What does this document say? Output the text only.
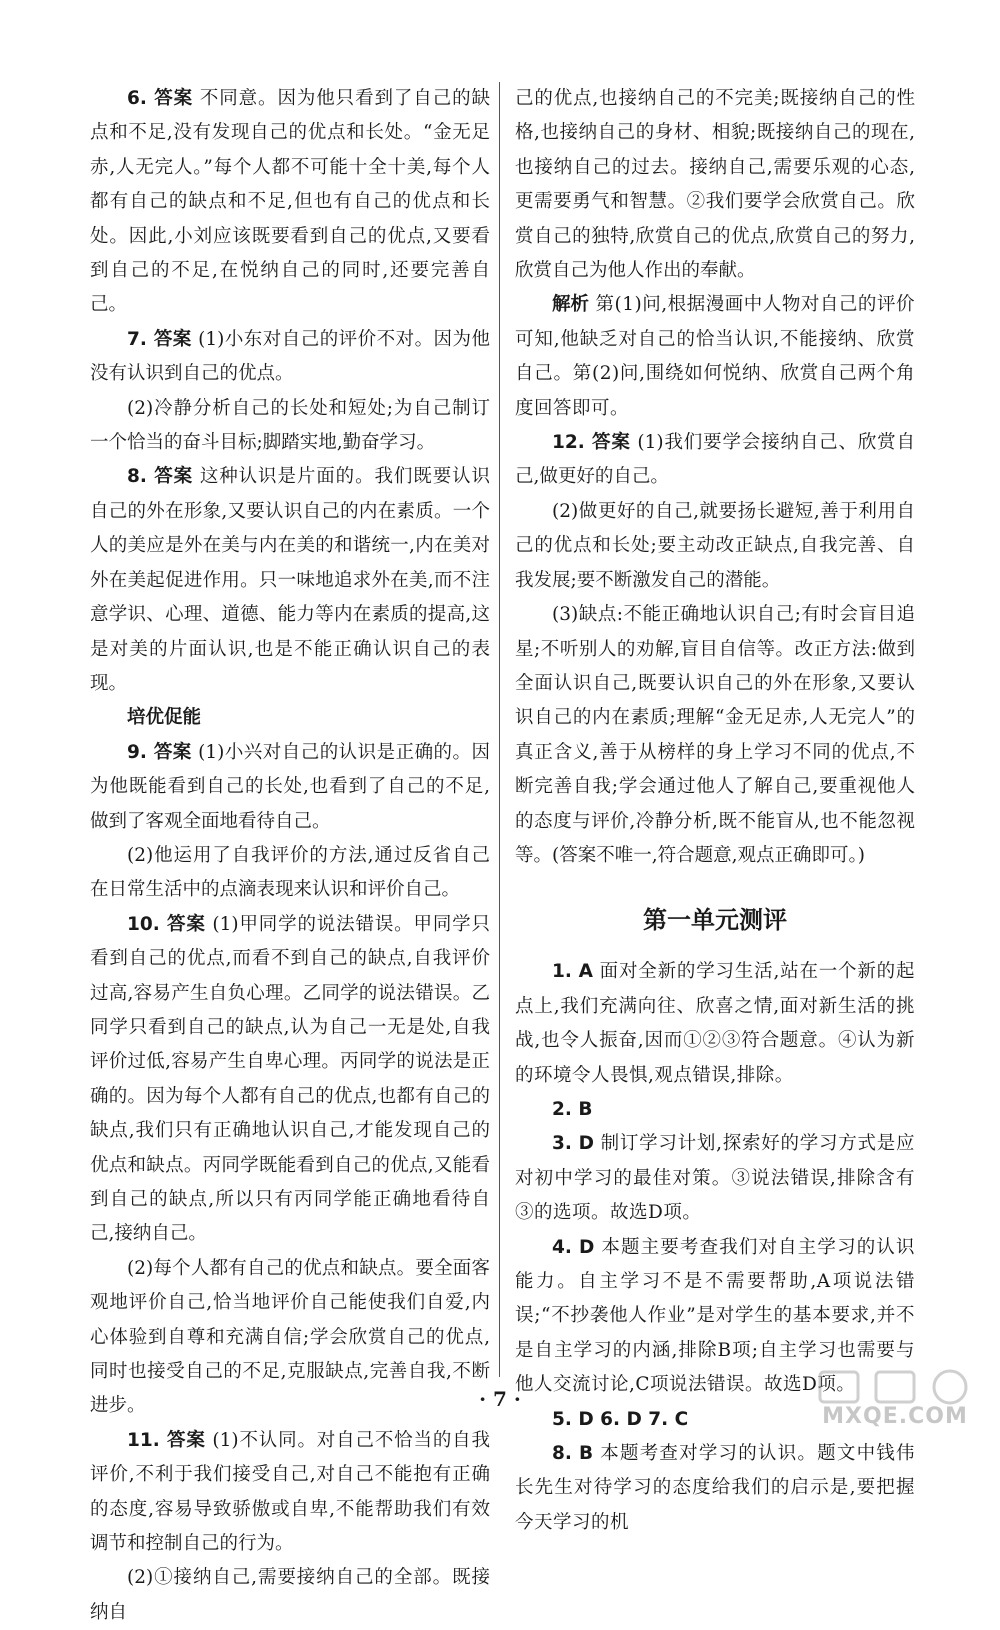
6. 答案 不同意。因为他只看到了自己的缺点和不足,没有发现自己的优点和长处。“金无足赤,人无完人。”每个人都不可能十全十美,每个人都有自己的缺点和不足,但也有自己的优点和长处。因此,小刘应该既要看到自己的优点,又要看到自己的不足,在悦纳自己的同时,还要完善自己。

7. 答案 (1)小东对自己的评价不对。因为他没有认识到自己的优点。

(2)冷静分析自己的长处和短处;为自己制订一个恰当的奋斗目标;脚踏实地,勤奋学习。

8. 答案 这种认识是片面的。我们既要认识自己的外在形象,又要认识自己的内在素质。一个人的美应是外在美与内在美的和谐统一,内在美对外在美起促进作用。只一味地追求外在美,而不注意学识、心理、道德、能力等内在素质的提高,这是对美的片面认识,也是不能正确认识自己的表现。

培优促能

9. 答案 (1)小兴对自己的认识是正确的。因为他既能看到自己的长处,也看到了自己的不足,做到了客观全面地看待自己。

(2)他运用了自我评价的方法,通过反省自己在日常生活中的点滴表现来认识和评价自己。

10. 答案 (1)甲同学的说法错误。甲同学只看到自己的优点,而看不到自己的缺点,自我评价过高,容易产生自负心理。乙同学的说法错误。乙同学只看到自己的缺点,认为自己一无是处,自我评价过低,容易产生自卑心理。丙同学的说法是正确的。因为每个人都有自己的优点,也都有自己的缺点,我们只有正确地认识自己,才能发现自己的优点和缺点。丙同学既能看到自己的优点,又能看到自己的缺点,所以只有丙同学能正确地看待自己,接纳自己。

(2)每个人都有自己的优点和缺点。要全面客观地评价自己,恰当地评价自己能使我们自爱,内心体验到自尊和充满自信;学会欣赏自己的优点,同时也接受自己的不足,克服缺点,完善自我,不断进步。

11. 答案 (1)不认同。对自己不恰当的自我评价,不利于我们接受自己,对自己不能抱有正确的态度,容易导致骄傲或自卑,不能帮助我们有效调节和控制自己的行为。

(2)①接纳自己,需要接纳自己的全部。既接纳自

己的优点,也接纳自己的不完美;既接纳自己的性格,也接纳自己的身材、相貌;既接纳自己的现在,也接纳自己的过去。接纳自己,需要乐观的心态,更需要勇气和智慧。②我们要学会欣赏自己。欣赏自己的独特,欣赏自己的优点,欣赏自己的努力,欣赏自己为他人作出的奉献。

解析 第(1)问,根据漫画中人物对自己的评价可知,他缺乏对自己的恰当认识,不能接纳、欣赏自己。第(2)问,围绕如何悦纳、欣赏自己两个角度回答即可。

12. 答案 (1)我们要学会接纳自己、欣赏自己,做更好的自己。

(2)做更好的自己,就要扬长避短,善于利用自己的优点和长处;要主动改正缺点,自我完善、自我发展;要不断激发自己的潜能。

(3)缺点:不能正确地认识自己;有时会盲目追星;不听别人的劝解,盲目自信等。改正方法:做到全面认识自己,既要认识自己的外在形象,又要认识自己的内在素质;理解“金无足赤,人无完人”的真正含义,善于从榜样的身上学习不同的优点,不断完善自我;学会通过他人了解自己,要重视他人的态度与评价,冷静分析,既不能盲从,也不能忽视等。(答案不唯一,符合题意,观点正确即可。)

第一单元测评

1. A 面对全新的学习生活,站在一个新的起点上,我们充满向往、欣喜之情,面对新生活的挑战,也令人振奋,因而①②③符合题意。④认为新的环境令人畏惧,观点错误,排除。

2. B

3. D 制订学习计划,探索好的学习方式是应对初中学习的最佳对策。③说法错误,排除含有③的选项。故选D项。

4. D 本题主要考查我们对自主学习的认识能力。自主学习不是不需要帮助,A项说法错误;“不抄袭他人作业”是对学生的基本要求,并不是自主学习的内涵,排除B项;自主学习也需要与他人交流讨论,C项说法错误。故选D项。

5. D 6. D 7. C

8. B 本题考查对学习的认识。题文中钱伟长先生对待学习的态度给我们的启示是,要把握今天学习的机

· 7 ·
MXQE.COM
